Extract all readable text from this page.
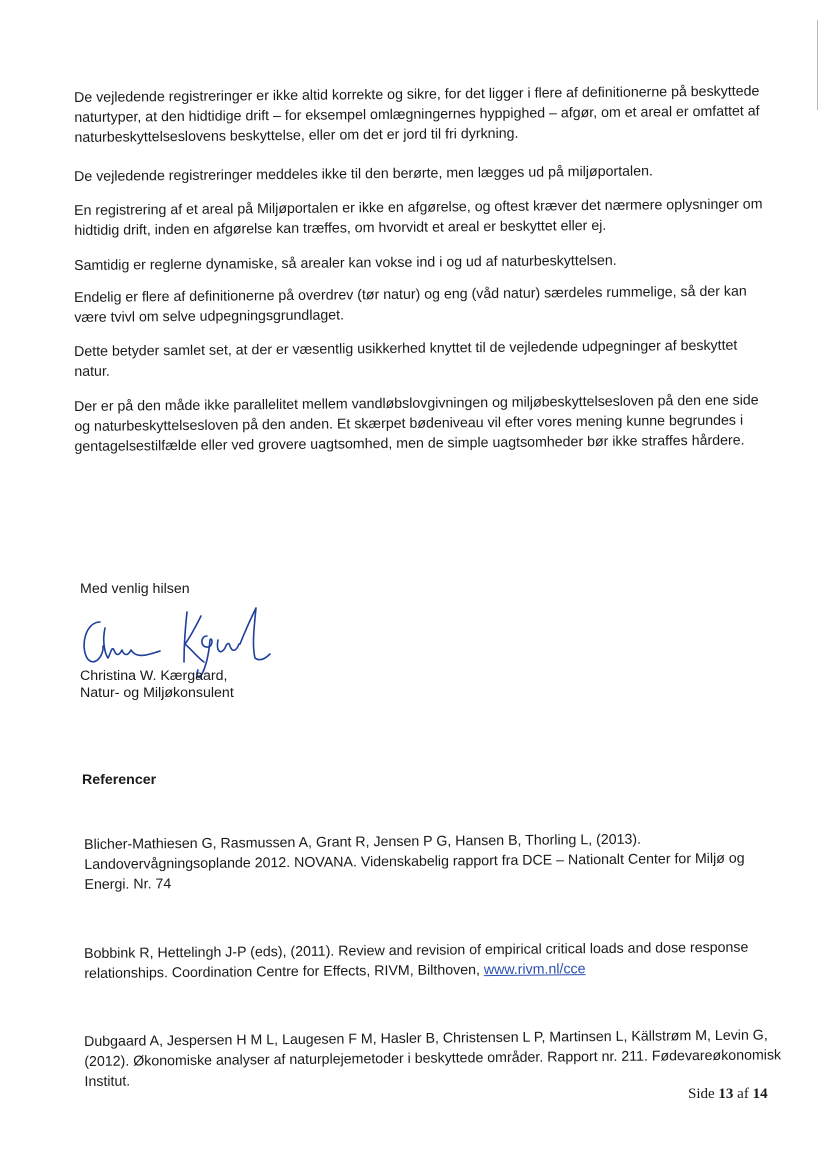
De vejledende registreringer er ikke altid korrekte og sikre, for det ligger i flere af definitionerne på beskyttede naturtyper, at den hidtidige drift – for eksempel omlægningernes hyppighed – afgør, om et areal er omfattet af naturbeskyttelseslovens beskyttelse, eller om det er jord til fri dyrkning.

De vejledende registreringer meddeles ikke til den berørte, men lægges ud på miljøportalen.

En registrering af et areal på Miljøportalen er ikke en afgørelse, og oftest kræver det nærmere oplysninger om hidtidig drift, inden en afgørelse kan træffes, om hvorvidt et areal er beskyttet eller ej.

Samtidig er reglerne dynamiske, så arealer kan vokse ind i og ud af naturbeskyttelsen.

Endelig er flere af definitionerne på overdrev (tør natur) og eng (våd natur) særdeles rummelige, så der kan være tvivl om selve udpegningsgrundlaget.

Dette betyder samlet set, at der er væsentlig usikkerhed knyttet til de vejledende udpegninger af beskyttet natur.

Der er på den måde ikke parallelitet mellem vandløbslovgivningen og miljøbeskyttelsesloven på den ene side og naturbeskyttelsesloven på den anden. Et skærpet bødeniveau vil efter vores mening kunne begrundes i gentagelsestilfælde eller ved grovere uagtsomhed, men de simple uagtsomheder bør ikke straffes hårdere.

Med venlig hilsen

Christina W. Kærgaard,

Natur- og Miljøkonsulent

Referencer

Blicher-Mathiesen G, Rasmussen A, Grant R, Jensen P G, Hansen B, Thorling L, (2013). Landovervågningsoplande 2012. NOVANA. Videnskabelig rapport fra DCE – Nationalt Center for Miljø og Energi. Nr. 74

Bobbink R, Hettelingh J-P (eds), (2011). Review and revision of empirical critical loads and dose response relationships. Coordination Centre for Effects, RIVM, Bilthoven, www.rivm.nl/cce

Dubgaard A, Jespersen H M L, Laugesen F M, Hasler B, Christensen L P, Martinsen L, Källstrøm M, Levin G, (2012). Økonomiske analyser af naturplejemetoder i beskyttede områder. Rapport nr. 211. Fødevareøkonomisk Institut.

Side 13 af 14
